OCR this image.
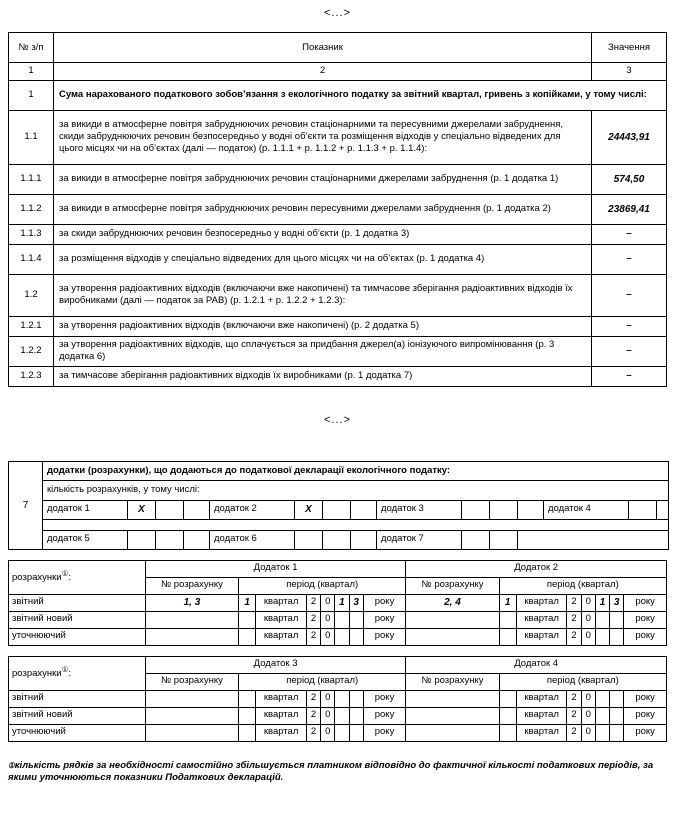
<...>
№ з/п	Показник	Значення
1	2	3
1	Сума нарахованого податкового зобов’язання з екологічного податку за звітний квартал, гривень з копійками, у тому числі:	
1.1	за викиди в атмосферне повітря забруднюючих речовин стаціонарними та пересувними джерелами забруднення, скиди забруднюючих речовин безпосередньо у водні об’єкти та розміщення відходів у спеціально відведених для цього місцях чи на об’єктах (далі — податок) (р. 1.1.1 + р. 1.1.2 + р. 1.1.3 + р. 1.1.4):	24443,91
1.1.1	за викиди в атмосферне повітря забруднюючих речовин стаціонарними джерелами забруднення (р. 1 додатка 1)	574,50
1.1.2	за викиди в атмосферне повітря забруднюючих речовин пересувними джерелами забруднення (р. 1 додатка 2)	23869,41
1.1.3	за скиди забруднюючих речовин безпосередньо у водні об’єкти (р. 1 додатка 3)	–
1.1.4	за розміщення відходів у спеціально відведених для цього місцях чи на об’єктах (р. 1 додатка 4)	–
1.2	за утворення радіоактивних відходів (включаючи вже накопичені) та тимчасове зберігання радіоактивних відходів їх виробниками (далі — податок за РАВ) (р. 1.2.1 + р. 1.2.2 + 1.2.3):	–
1.2.1	за утворення радіоактивних відходів (включаючи вже накопичені) (р. 2 додатка 5)	–
1.2.2	за утворення радіоактивних відходів, що сплачується за придбання джерел(а) іонізуючого випромінювання (р. 3 додатка 6)	–
1.2.3	за тимчасове зберігання радіоактивних відходів їх виробниками (р. 1 додатка 7)	–
<...>
7
додатки (розрахунки), що додаються до податкової декларації екологічного податку:
кількість розрахунків, у тому числі:
додаток 1	X	додаток 2	X	додаток 3	додаток 4
додаток 5	додаток 6	додаток 7
розрахунки①:	Додаток 1								Додаток 2							
	№ розрахунку	період (квартал)							№ розрахунку	період (квартал)						
звітний	1, 3	1	квартал	2	0	1	3	року	2, 4	1	квартал	2	0	1	3	року
звітний новий			квартал	2	0			року			квартал	2	0			року
уточнюючий			квартал	2	0			року			квартал	2	0			року
розрахунки①:	Додаток 3								Додаток 4							
	№ розрахунку	період (квартал)							№ розрахунку	період (квартал)						
звітний			квартал	2	0			року			квартал	2	0			року
звітний новий			квартал	2	0			року			квартал	2	0			року
уточнюючий			квартал	2	0			року			квартал	2	0			року
①кількість рядків за необхідності самостійно збільшується платником відповідно до фактичної кількості податкових періодів, за якими уточнюються показники Податкових декларацій.
